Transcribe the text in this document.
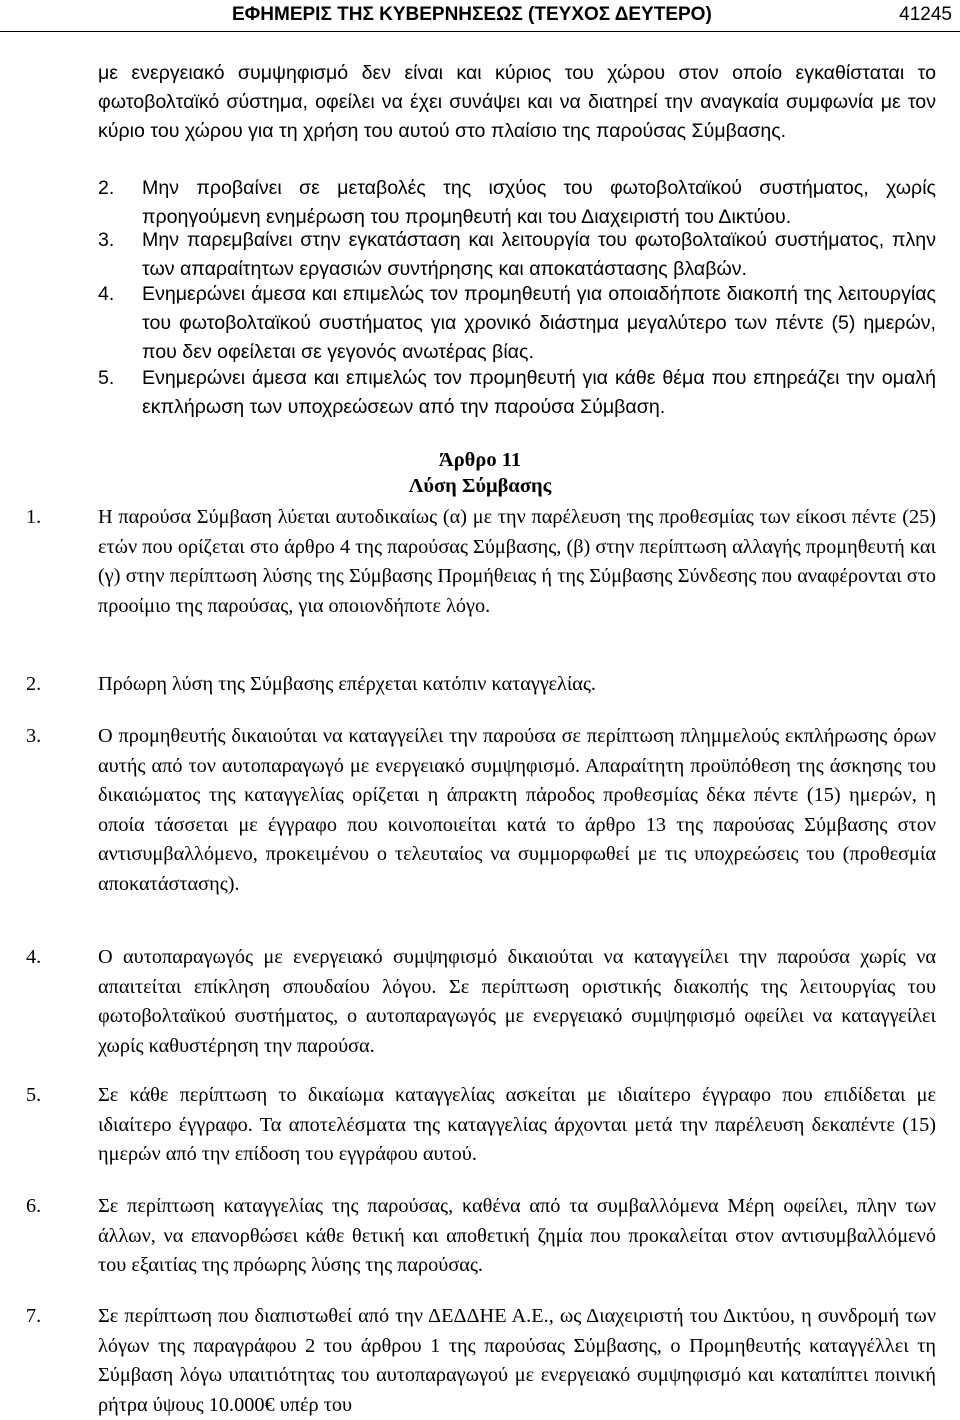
ΕΦΗΜΕΡΙΣ ΤΗΣ ΚΥΒΕΡΝΗΣΕΩΣ (ΤΕΥΧΟΣ ΔΕΥΤΕΡΟ)	41245
με ενεργειακό συμψηφισμό δεν είναι και κύριος του χώρου στον οποίο εγκαθίσταται το φωτοβολταϊκό σύστημα, οφείλει να έχει συνάψει και να διατηρεί την αναγκαία συμφωνία με τον κύριο του χώρου για τη χρήση του αυτού στο πλαίσιο της παρούσας Σύμβασης.
2. Μην προβαίνει σε μεταβολές της ισχύος του φωτοβολταϊκού συστήματος, χωρίς προηγούμενη ενημέρωση του προμηθευτή και του Διαχειριστή του Δικτύου.
3. Μην παρεμβαίνει στην εγκατάσταση και λειτουργία του φωτοβολταϊκού συστήματος, πλην των απαραίτητων εργασιών συντήρησης και αποκατάστασης βλαβών.
4. Ενημερώνει άμεσα και επιμελώς τον προμηθευτή για οποιαδήποτε διακοπή της λειτουργίας του φωτοβολταϊκού συστήματος για χρονικό διάστημα μεγαλύτερο των πέντε (5) ημερών, που δεν οφείλεται σε γεγονός ανωτέρας βίας.
5. Ενημερώνει άμεσα και επιμελώς τον προμηθευτή για κάθε θέμα που επηρεάζει την ομαλή εκπλήρωση των υποχρεώσεων από την παρούσα Σύμβαση.
Άρθρο 11
Λύση Σύμβασης
1.	Η παρούσα Σύμβαση λύεται αυτοδικαίως (α) με την παρέλευση της προθεσμίας των είκοσι πέντε (25) ετών που ορίζεται στο άρθρο 4 της παρούσας Σύμβασης, (β) στην περίπτωση αλλαγής προμηθευτή και (γ) στην περίπτωση λύσης της Σύμβασης Προμήθειας ή της Σύμβασης Σύνδεσης που αναφέρονται στο προοίμιο της παρούσας, για οποιονδήποτε λόγο.
2.	Πρόωρη λύση της Σύμβασης επέρχεται κατόπιν καταγγελίας.
3.	Ο προμηθευτής δικαιούται να καταγγείλει την παρούσα σε περίπτωση πλημμελούς εκπλήρωσης όρων αυτής από τον αυτοπαραγωγό με ενεργειακό συμψηφισμό. Απαραίτητη προϋπόθεση της άσκησης του δικαιώματος της καταγγελίας ορίζεται η άπρακτη πάροδος προθεσμίας δέκα πέντε (15) ημερών, η οποία τάσσεται με έγγραφο που κοινοποιείται κατά το άρθρο 13 της παρούσας Σύμβασης στον αντισυμβαλλόμενο, προκειμένου ο τελευταίος να συμμορφωθεί με τις υποχρεώσεις του (προθεσμία αποκατάστασης).
4.	Ο αυτοπαραγωγός με ενεργειακό συμψηφισμό δικαιούται να καταγγείλει την παρούσα χωρίς να απαιτείται επίκληση σπουδαίου λόγου. Σε περίπτωση οριστικής διακοπής της λειτουργίας του φωτοβολταϊκού συστήματος, ο αυτοπαραγωγός με ενεργειακό συμψηφισμό οφείλει να καταγγείλει χωρίς καθυστέρηση την παρούσα.
5.	Σε κάθε περίπτωση το δικαίωμα καταγγελίας ασκείται με ιδιαίτερο έγγραφο που επιδίδεται με ιδιαίτερο έγγραφο. Τα αποτελέσματα της καταγγελίας άρχονται μετά την παρέλευση δεκαπέντε (15) ημερών από την επίδοση του εγγράφου αυτού.
6.	Σε περίπτωση καταγγελίας της παρούσας, καθένα από τα συμβαλλόμενα Μέρη οφείλει, πλην των άλλων, να επανορθώσει κάθε θετική και αποθετική ζημία που προκαλείται στον αντισυμβαλλόμενό του εξαιτίας της πρόωρης λύσης της παρούσας.
7.	Σε περίπτωση που διαπιστωθεί από την ΔΕΔΔΗΕ Α.Ε., ως Διαχειριστή του Δικτύου, η συνδρομή των λόγων της παραγράφου 2 του άρθρου 1 της παρούσας Σύμβασης, ο Προμηθευτής καταγγέλλει τη Σύμβαση λόγω υπαιτιότητας του αυτοπαραγωγού με ενεργειακό συμψηφισμό και καταπίπτει ποινική ρήτρα ύψους 10.000€ υπέρ του
